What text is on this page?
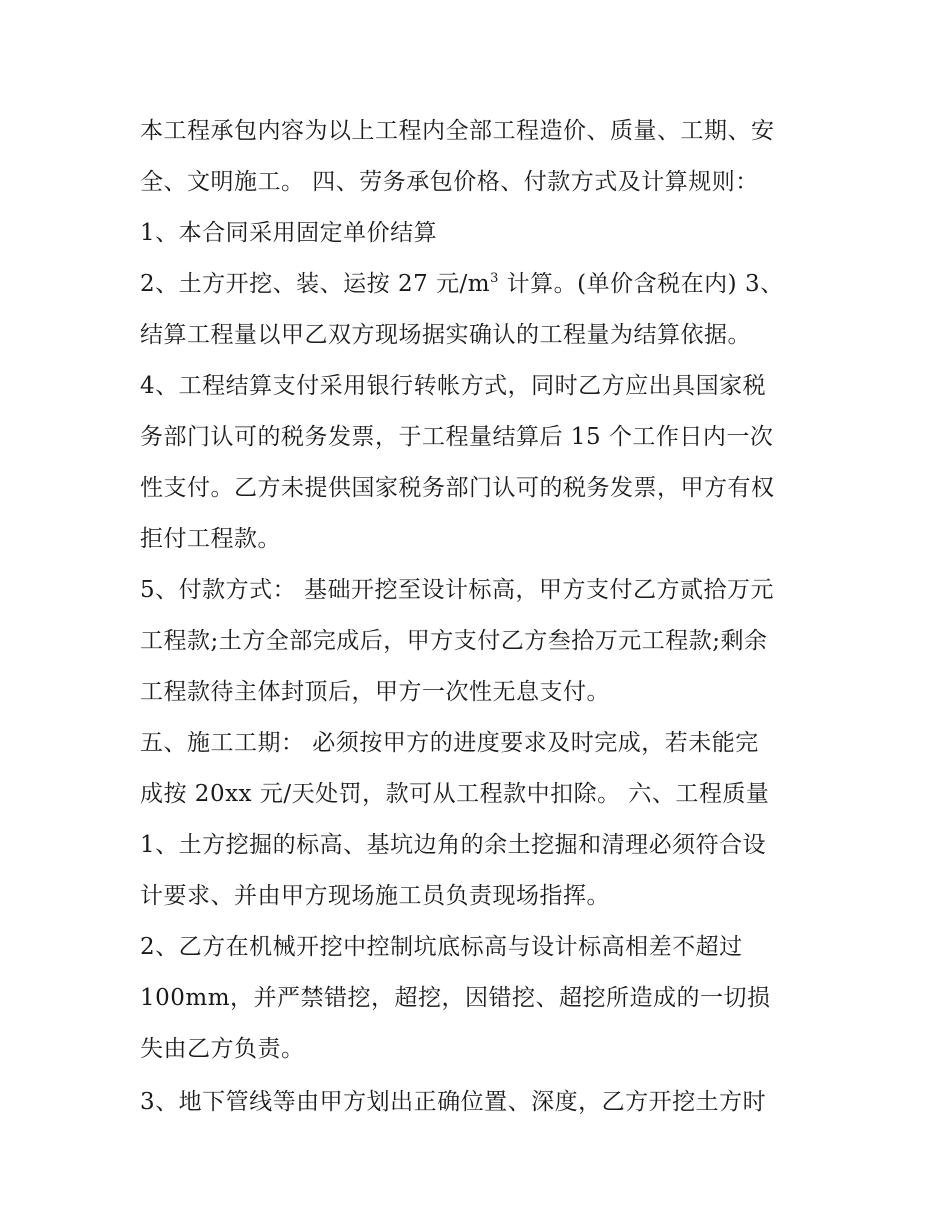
本工程承包内容为以上工程内全部工程造价、质量、工期、安
全、文明施工。 四、劳务承包价格、付款方式及计算规则：
1、本合同采用固定单价结算
2、土方开挖、装、运按 27 元$/m^3$ 计算。(单价含税在内) 3、
结算工程量以甲乙双方现场据实确认的工程量为结算依据。
4、工程结算支付采用银行转帐方式，同时乙方应出具国家税
务部门认可的税务发票，于工程量结算后 15 个工作日内一次
性支付。乙方未提供国家税务部门认可的税务发票，甲方有权
拒付工程款。
5、付款方式： 基础开挖至设计标高，甲方支付乙方贰拾万元
工程款;土方全部完成后，甲方支付乙方叁拾万元工程款;剩余
工程款待主体封顶后，甲方一次性无息支付。
五、施工工期： 必须按甲方的进度要求及时完成，若未能完
成按 20xx 元/天处罚，款可从工程款中扣除。 六、工程质量
1、土方挖掘的标高、基坑边角的余土挖掘和清理必须符合设
计要求、并由甲方现场施工员负责现场指挥。
2、乙方在机械开挖中控制坑底标高与设计标高相差不超过
100mm，并严禁错挖，超挖，因错挖、超挖所造成的一切损
失由乙方负责。
3、地下管线等由甲方划出正确位置、深度，乙方开挖土方时
